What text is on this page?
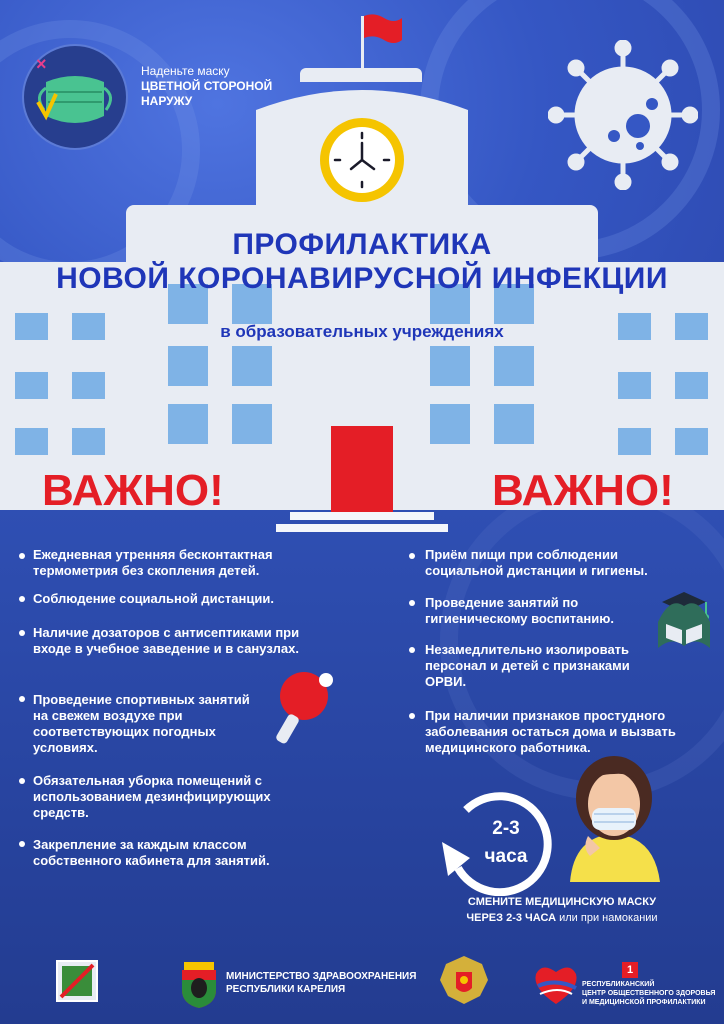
×	Наденьте маску
ЦВЕТНОЙ СТОРОНОЙ
НАРУЖУ
ПРОФИЛАКТИКА
НОВОЙ КОРОНАВИРУСНОЙ ИНФЕКЦИИ
в образовательных учреждениях
ВАЖНО!	ВАЖНО!
Ежедневная утренняя бесконтактная термометрия без скопления детей.
Соблюдение социальной дистанции.
Наличие дозаторов с антисептиками при входе в учебное заведение и в санузлах.
Проведение спортивных занятий на свежем воздухе при соответствующих погодных условиях.
Обязательная уборка помещений с использованием дезинфицирующих средств.
Закрепление за каждым классом собственного кабинета для занятий.
Приём пищи при соблюдении социальной дистанции и гигиены.
Проведение занятий по гигиеническому воспитанию.
Незамедлительно изолировать персонал и детей с признаками ОРВИ.
При наличии признаков простудного заболевания остаться дома и вызвать медицинского работника.
2-3
часа
СМЕНИТЕ МЕДИЦИНСКУЮ МАСКУ
ЧЕРЕЗ 2-3 ЧАСА или при намокании
МИНИСТЕРСТВО ЗДРАВООХРАНЕНИЯ
РЕСПУБЛИКИ КАРЕЛИЯ
1
РЕСПУБЛИКАНСКИЙ
ЦЕНТР ОБЩЕСТВЕННОГО ЗДОРОВЬЯ
И МЕДИЦИНСКОЙ ПРОФИЛАКТИКИ
